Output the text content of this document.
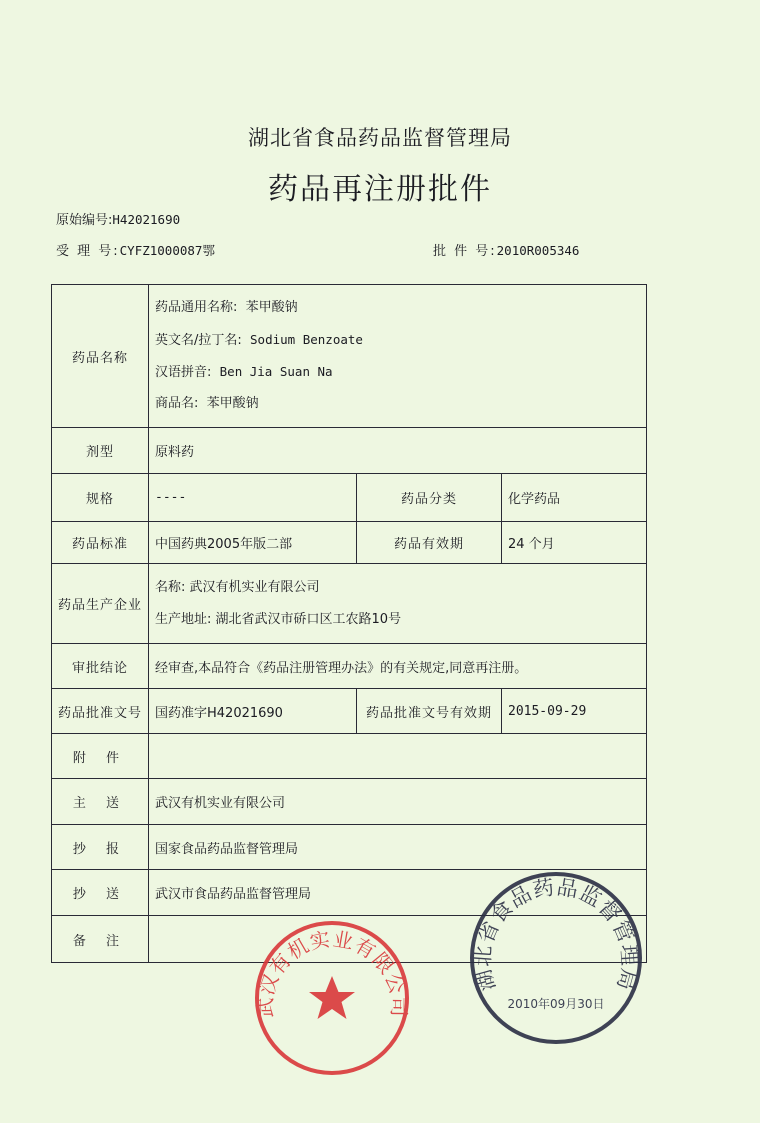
湖北省食品药品监督管理局
药品再注册批件
原始编号:H42021690
受 理 号:CYFZ1000087鄂	批 件 号:2010R005346
药品名称	药品通用名称: 苯甲酸钠
英文名/拉丁名: Sodium Benzoate
汉语拼音: Ben Jia Suan Na
商品名: 苯甲酸钠		

剂型	原料药		
规格	----	药品分类	化学药品
药品标准	中国药典2005年版二部	药品有效期	24 个月
药品生产企业	名称: 武汉有机实业有限公司
生产地址: 湖北省武汉市硚口区工农路10号		

审批结论	经审查,本品符合《药品注册管理办法》的有关规定,同意再注册。		
药品批准文号	国药准字H42021690	药品批准文号有效期	2015-09-29
附 件			
主 送	武汉有机实业有限公司		
抄 报	国家食品药品监督管理局		
抄 送	武汉市食品药品监督管理局		
备 注			
湖北省食品药品监督管理局
2010年09月30日
武汉有机实业有限公司
